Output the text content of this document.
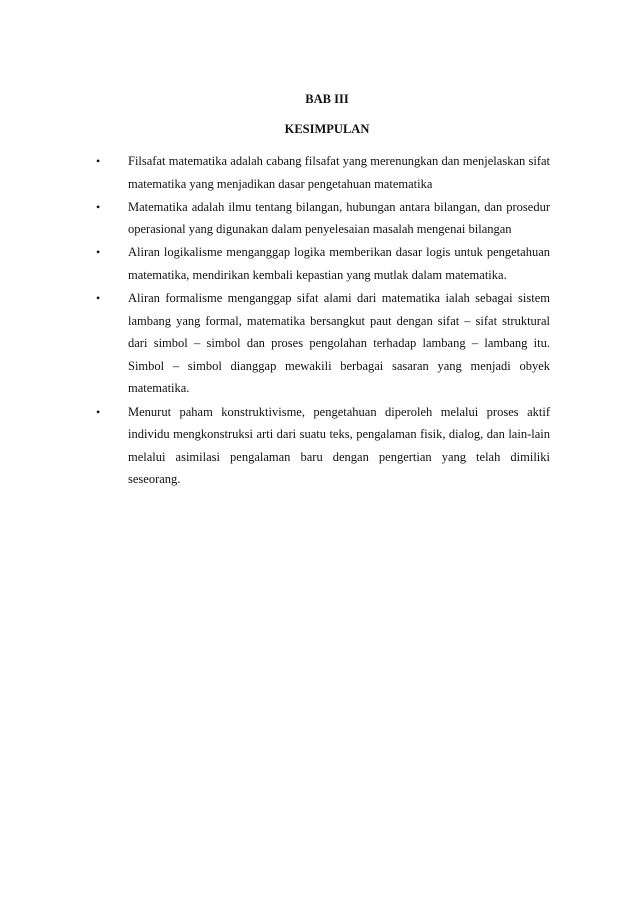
BAB III
KESIMPULAN
•	Filsafat matematika adalah cabang filsafat yang merenungkan dan menjelaskan sifat matematika yang menjadikan dasar pengetahuan matematika
•	Matematika adalah ilmu tentang bilangan, hubungan antara bilangan, dan prosedur operasional yang digunakan dalam penyelesaian masalah mengenai bilangan
•	Aliran logikalisme menganggap logika memberikan dasar logis untuk pengetahuan matematika, mendirikan kembali kepastian yang mutlak dalam matematika.
•	Aliran formalisme menganggap sifat alami dari matematika ialah sebagai sistem lambang yang formal, matematika bersangkut paut dengan sifat – sifat struktural dari simbol – simbol dan proses pengolahan terhadap lambang – lambang itu. Simbol – simbol dianggap mewakili berbagai sasaran yang menjadi obyek matematika.
•	Menurut paham konstruktivisme, pengetahuan diperoleh melalui proses aktif individu mengkonstruksi arti dari suatu teks, pengalaman fisik, dialog, dan lain-lain melalui asimilasi pengalaman baru dengan pengertian yang telah dimiliki seseorang.
